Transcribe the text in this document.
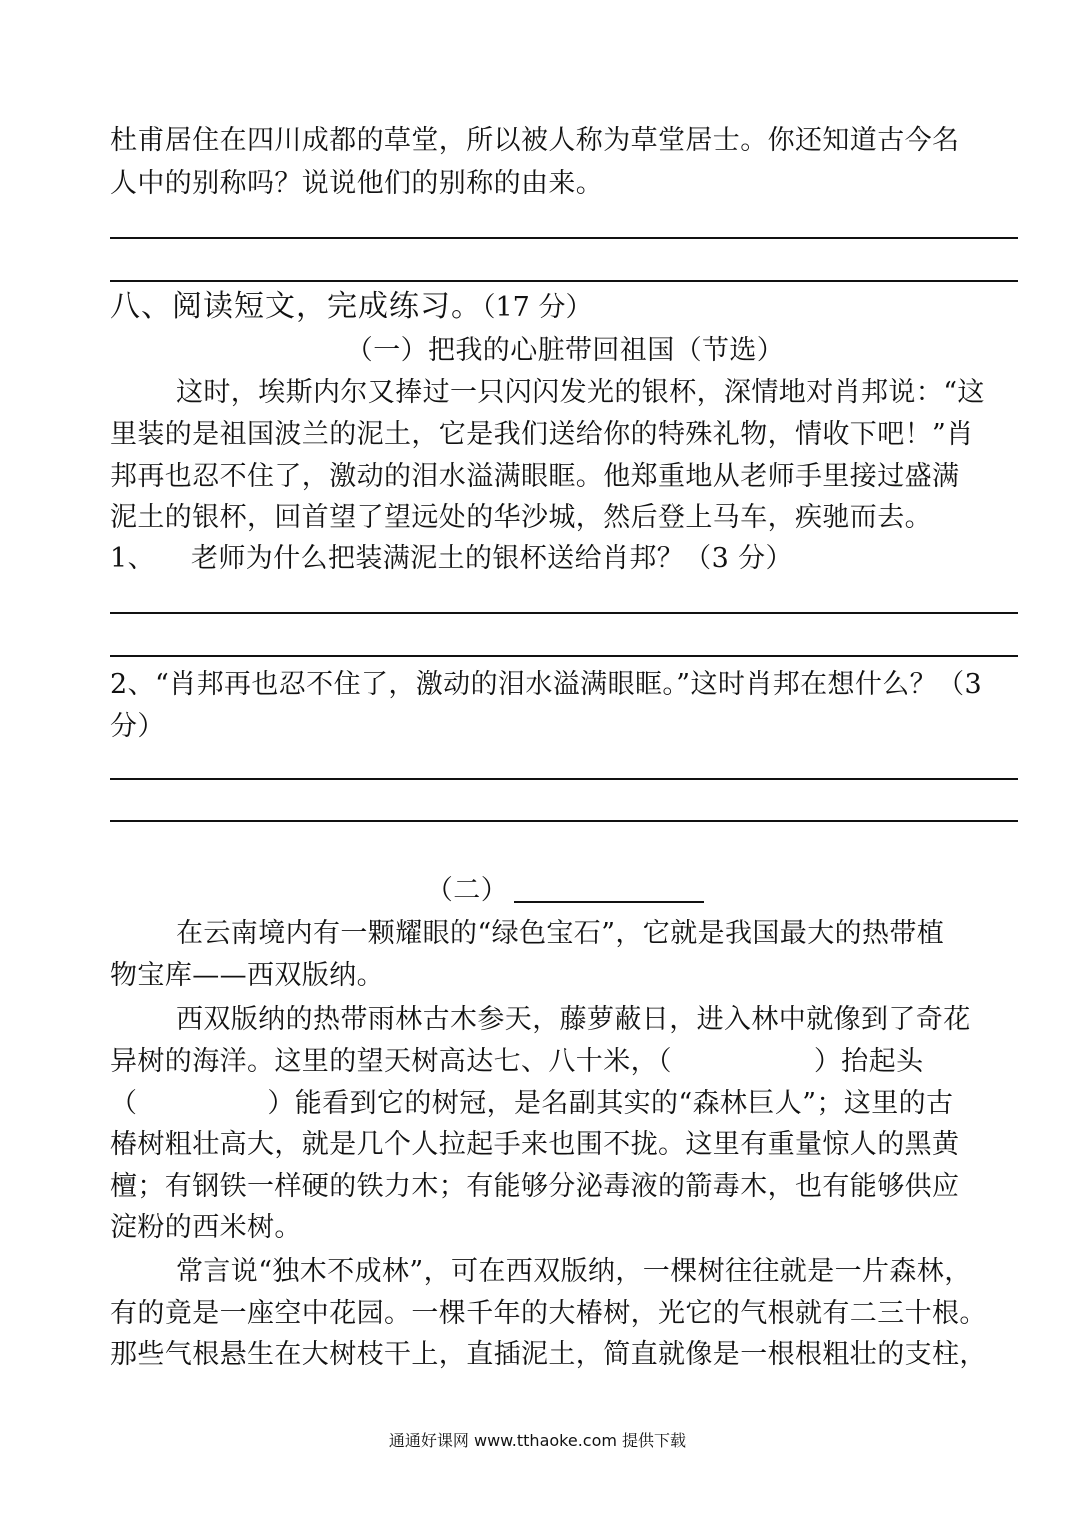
杜甫居住在四川成都的草堂，所以被人称为草堂居士。你还知道古今名
人中的别称吗？说说他们的别称的由来。
八、阅读短文，完成练习。（17 分）
（一）把我的心脏带回祖国（节选）
这时，埃斯内尔又捧过一只闪闪发光的银杯，深情地对肖邦说：“这
里装的是祖国波兰的泥土，它是我们送给你的特殊礼物，情收下吧！”肖
邦再也忍不住了，激动的泪水溢满眼眶。他郑重地从老师手里接过盛满
泥土的银杯，回首望了望远处的华沙城，然后登上马车，疾驰而去。
1、 老师为什么把装满泥土的银杯送给肖邦？（3 分）
2、“肖邦再也忍不住了，激动的泪水溢满眼眶。”这时肖邦在想什么？（3
分）
（二）
在云南境内有一颗耀眼的“绿色宝石”，它就是我国最大的热带植
物宝库——西双版纳。
西双版纳的热带雨林古木参天，藤萝蔽日，进入林中就像到了奇花
异树的海洋。这里的望天树高达七、八十米，（	）抬起头
（	）能看到它的树冠，是名副其实的“森林巨人”；这里的古
椿树粗壮高大，就是几个人拉起手来也围不拢。这里有重量惊人的黑黄
檀；有钢铁一样硬的铁力木；有能够分泌毒液的箭毒木，也有能够供应
淀粉的西米树。
常言说“独木不成林”，可在西双版纳，一棵树往往就是一片森林，
有的竟是一座空中花园。一棵千年的大椿树，光它的气根就有二三十根。
那些气根悬生在大树枝干上，直插泥土，简直就像是一根根粗壮的支柱，
通通好课网 www.tthaoke.com 提供下载
